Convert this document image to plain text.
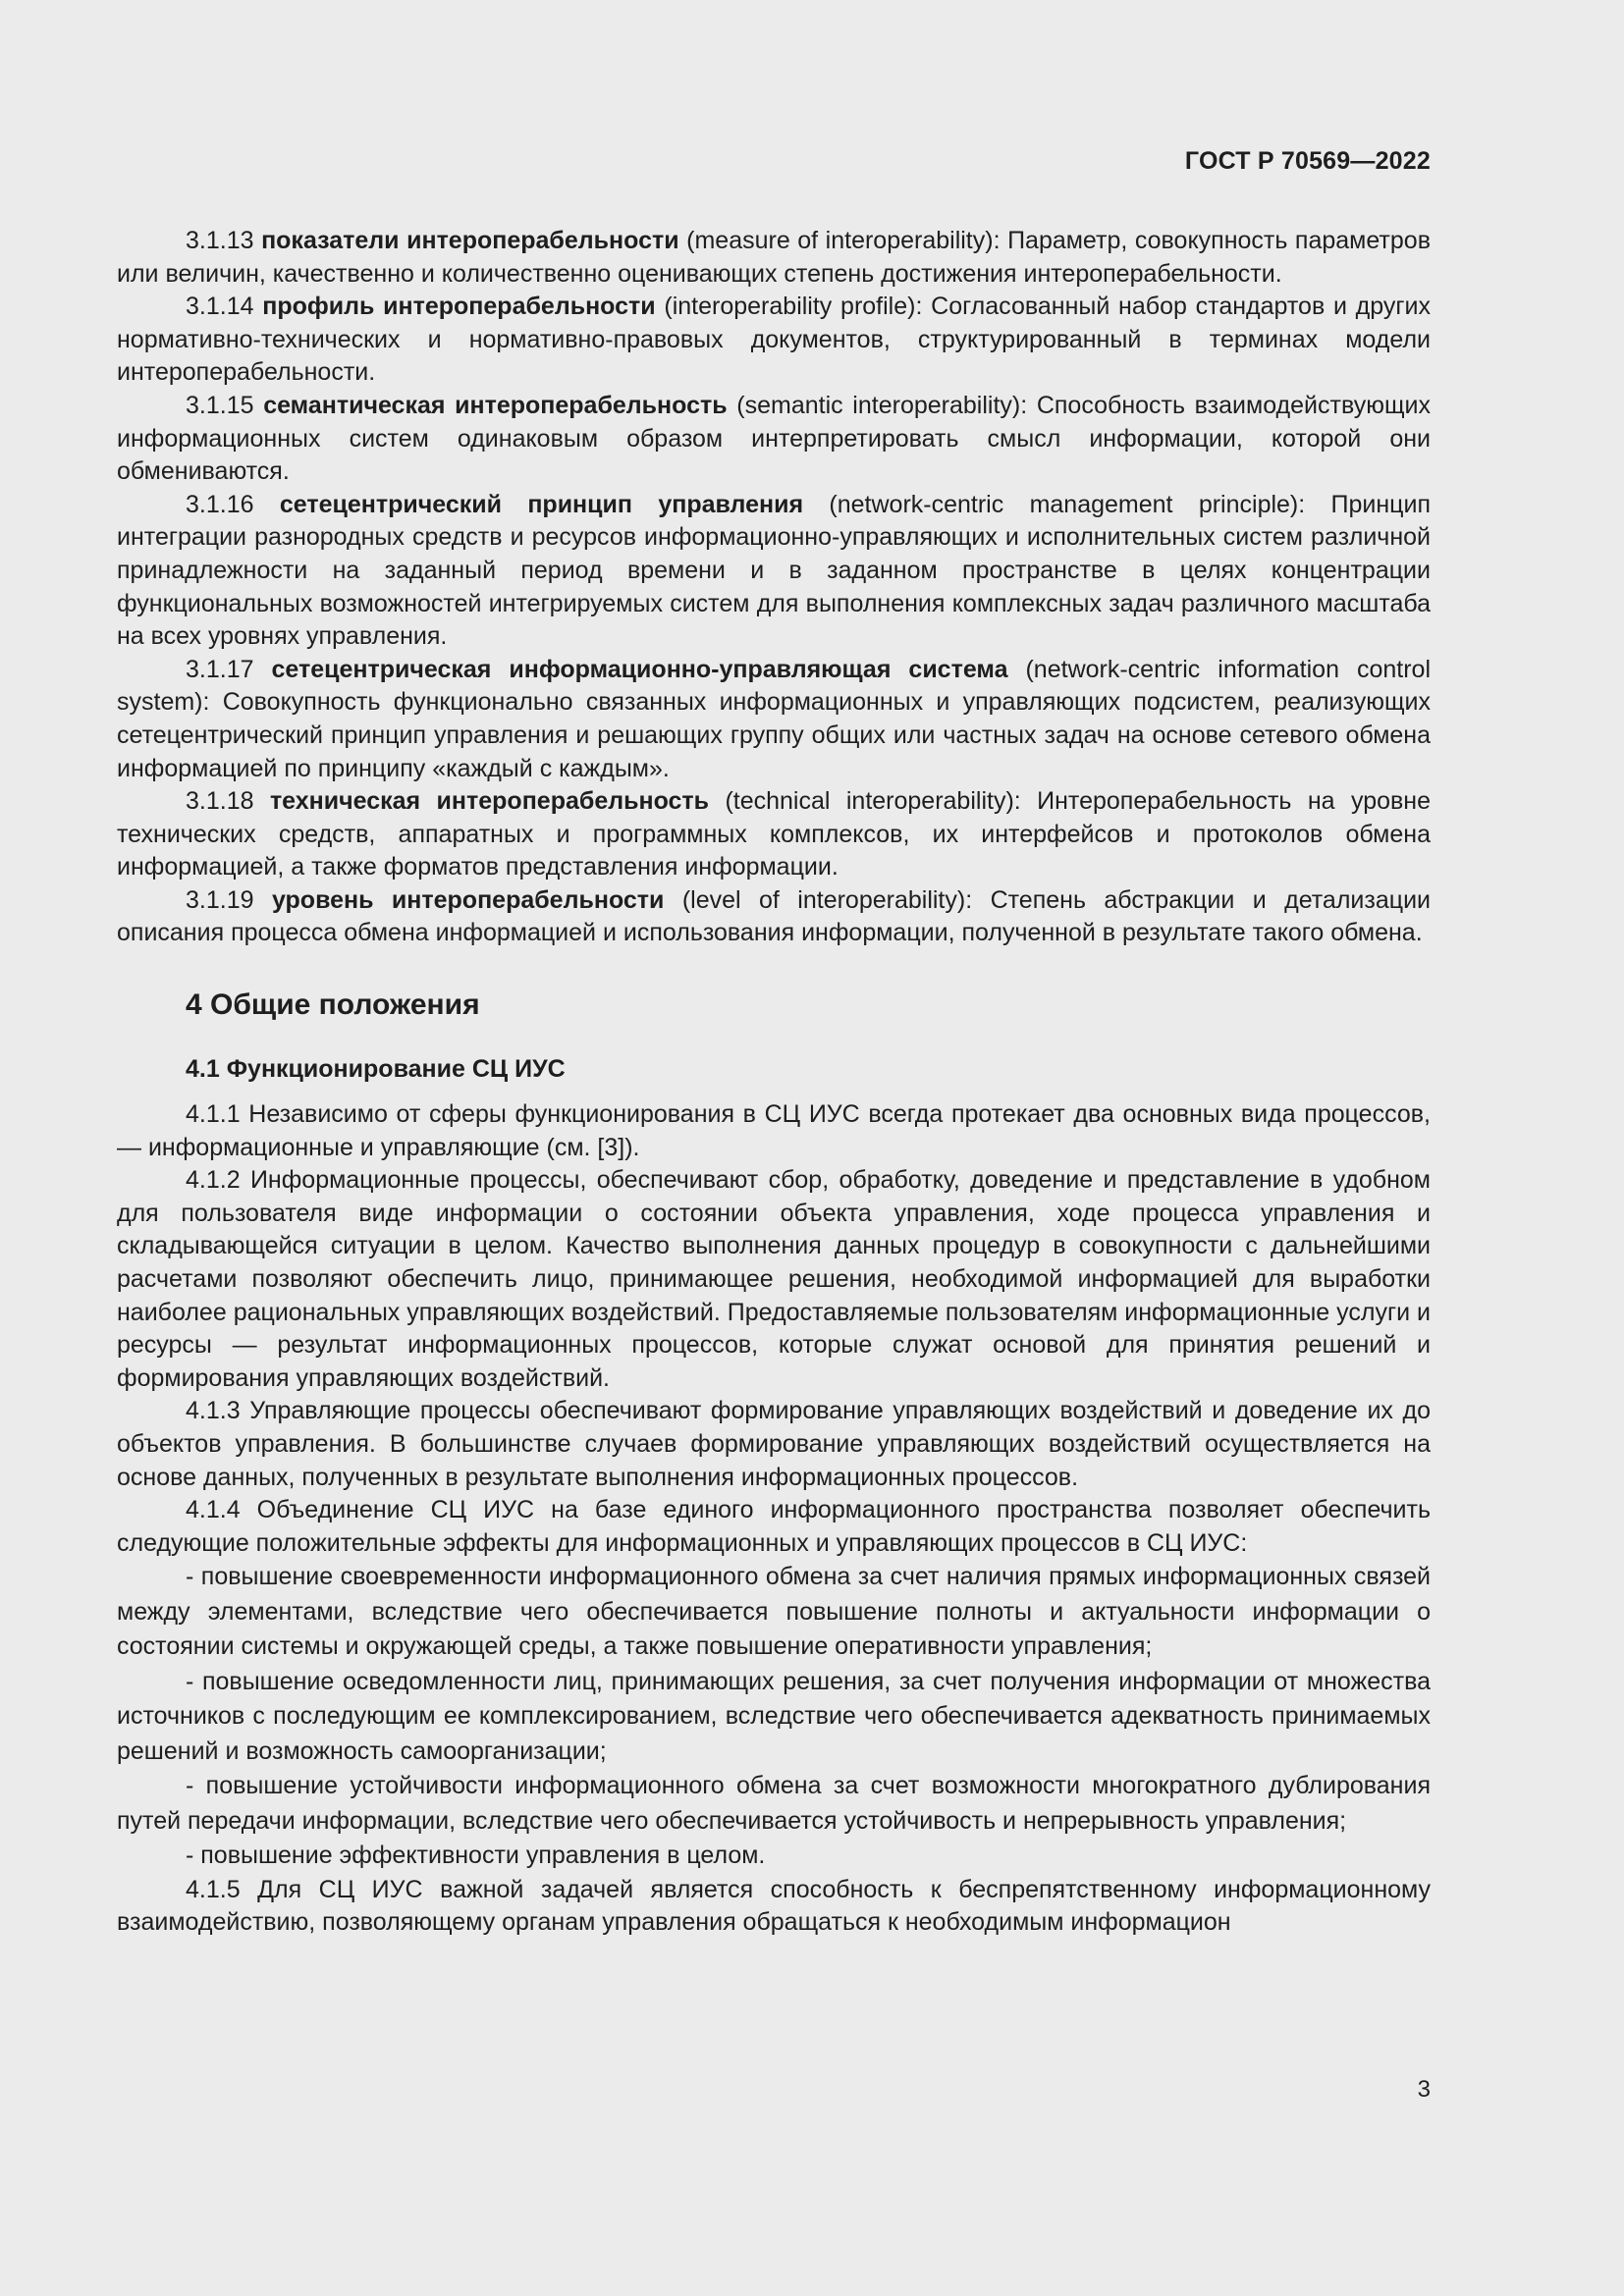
ГОСТ Р 70569—2022

3.1.13 показатели интероперабельности (measure of interoperability): Параметр, совокупность параметров или величин, качественно и количественно оценивающих степень достижения интероперабельности.

3.1.14 профиль интероперабельности (interoperability profile): Согласованный набор стандартов и других нормативно-технических и нормативно-правовых документов, структурированный в терминах модели интероперабельности.

3.1.15 семантическая интероперабельность (semantic interoperability): Способность взаимодействующих информационных систем одинаковым образом интерпретировать смысл информации, которой они обмениваются.

3.1.16 сетецентрический принцип управления (network-centric management principle): Принцип интеграции разнородных средств и ресурсов информационно-управляющих и исполнительных систем различной принадлежности на заданный период времени и в заданном пространстве в целях концентрации функциональных возможностей интегрируемых систем для выполнения комплексных задач различного масштаба на всех уровнях управления.

3.1.17 сетецентрическая информационно-управляющая система (network-centric information control system): Совокупность функционально связанных информационных и управляющих подсистем, реализующих сетецентрический принцип управления и решающих группу общих или частных задач на основе сетевого обмена информацией по принципу «каждый с каждым».

3.1.18 техническая интероперабельность (technical interoperability): Интероперабельность на уровне технических средств, аппаратных и программных комплексов, их интерфейсов и протоколов обмена информацией, а также форматов представления информации.

3.1.19 уровень интероперабельности (level of interoperability): Степень абстракции и детализации описания процесса обмена информацией и использования информации, полученной в результате такого обмена.

4 Общие положения
4.1 Функционирование СЦ ИУС

4.1.1 Независимо от сферы функционирования в СЦ ИУС всегда протекает два основных вида процессов, — информационные и управляющие (см. [3]).

4.1.2 Информационные процессы, обеспечивают сбор, обработку, доведение и представление в удобном для пользователя виде информации о состоянии объекта управления, ходе процесса управления и складывающейся ситуации в целом. Качество выполнения данных процедур в совокупности с дальнейшими расчетами позволяют обеспечить лицо, принимающее решения, необходимой информацией для выработки наиболее рациональных управляющих воздействий. Предоставляемые пользователям информационные услуги и ресурсы — результат информационных процессов, которые служат основой для принятия решений и формирования управляющих воздействий.

4.1.3 Управляющие процессы обеспечивают формирование управляющих воздействий и доведение их до объектов управления. В большинстве случаев формирование управляющих воздействий осуществляется на основе данных, полученных в результате выполнения информационных процессов.

4.1.4 Объединение СЦ ИУС на базе единого информационного пространства позволяет обеспечить следующие положительные эффекты для информационных и управляющих процессов в СЦ ИУС:

- повышение своевременности информационного обмена за счет наличия прямых информационных связей между элементами, вследствие чего обеспечивается повышение полноты и актуальности информации о состоянии системы и окружающей среды, а также повышение оперативности управления;

- повышение осведомленности лиц, принимающих решения, за счет получения информации от множества источников с последующим ее комплексированием, вследствие чего обеспечивается адекватность принимаемых решений и возможность самоорганизации;

- повышение устойчивости информационного обмена за счет возможности многократного дублирования путей передачи информации, вследствие чего обеспечивается устойчивость и непрерывность управления;

- повышение эффективности управления в целом.

4.1.5 Для СЦ ИУС важной задачей является способность к беспрепятственному информационному взаимодействию, позволяющему органам управления обращаться к необходимым информацион

3
